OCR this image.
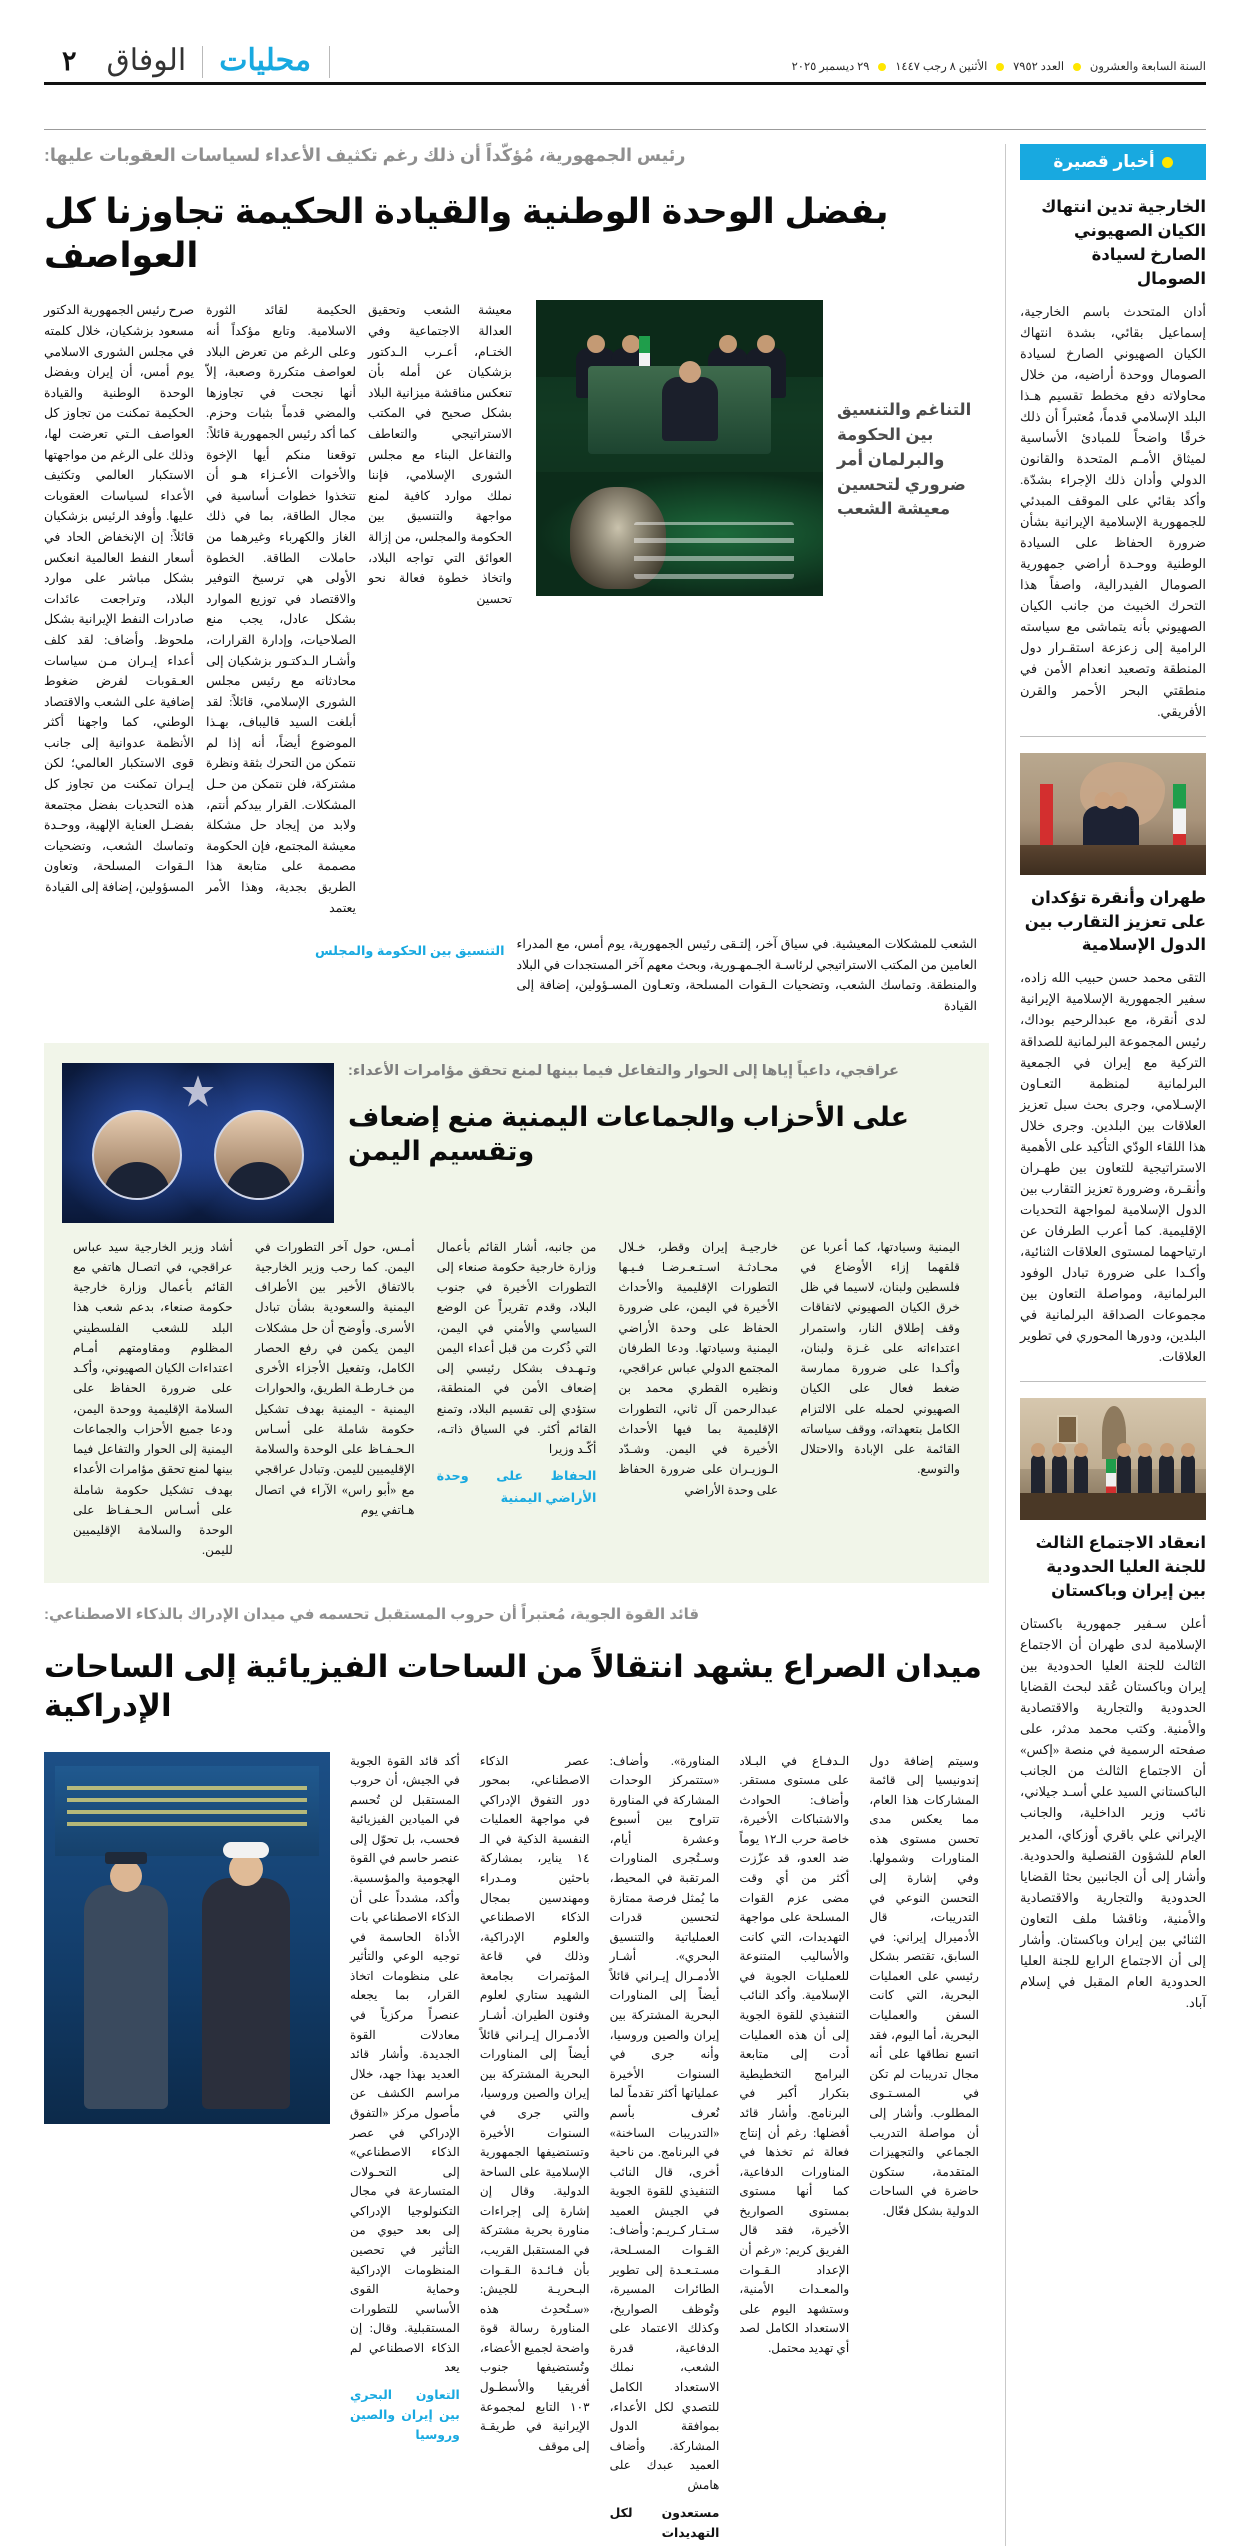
السنة السابعة والعشرون  العدد ٧٩٥٢  الأثنين ٨ رجب ١٤٤٧  ٢٩ ديسمبر ٢٠٢٥
محليات
الوفاق
٢
أخبار قصيرة
الخارجية تدين انتهاك الكيان الصهيوني الصارخ لسيادة الصومال
أدان المتحدث باسم الخارجية، إسماعيل بقائي، بشدة انتهاك الكيان الصهيوني الصارخ لسيادة الصومال ووحدة أراضيه، من خلال محاولاته دفع مخطط تقسيم هـذا البلد الإسلامي قدماً، مُعتبراً أن ذلك خرقًا واضحاً للمبادئ الأساسية لميثاق الأمـم المتحدة والقانون الدولي وأدان ذلك الإجراء بشدّة. وأكد بقائي على الموقف المبدئي للجمهورية الإسلامية الإيرانية بشأن ضرورة الحفاظ على السيادة الوطنية ووحـدة أراضي جمهورية الصومال الفيدرالية، واصفاً هذا التحرك الخبيث من جانب الكيان الصهيوني بأنه يتماشى مع سياسته الرامية إلى زعزعة استقـرار دول المنطقة وتصعيد انعدام الأمن في منطقتي البحر الأحمر والقرن الأفريقي.
طهران وأنقرة تؤكدان على تعزيز التقارب بين الدول الإسلامية
التقى محمد حسن حبيب الله زاده، سفير الجمهورية الإسلامية الإيرانية لدى أنقرة، مع عبدالرحيم بوداك، رئيس المجموعة البرلمانية للصداقة التركية مع إيران في الجمعية البرلمانية لمنظمة التعـاون الإسـلامي، وجرى بحث سبل تعزيز العلاقات بين البلدين. وجرى خلال هذا اللقاء الودّي التأكيد على الأهمية الاستراتيجية للتعاون بين طهـران وأنقـرة، وضرورة تعزيز التقارب بين الدول الإسلامية لمواجهة التحديات الإقليمية. كما أعرب الطرفان عن ارتياحهما لمستوى العلاقات الثنائية، وأكـدا على ضرورة تبادل الوفود البرلمانية، ومواصلة التعاون بين مجموعات الصداقة البرلمانية في البلدين، ودورها المحوري في تطوير العلاقات.
انعقاد الاجتماع الثالث للجنة العليا الحدودية بين إيران وباكستان
أعلن سـفير جمهورية باكستان الإسلامية لدى طهران أن الاجتماع الثالث للجنة العليا الحدودية بين إيران وباكستان عُقد لبحث القضايا الحدودية والتجارية والاقتصادية والأمنية. وكتب محمد مدثر، على صفحته الرسمية في منصة «إكس» أن الاجتماع الثالث من الجانب الباكستاني السيد علي أسـد جيلاني، نائب وزير الداخلية، والجانب الإيراني علي باقري أوزكاي، المدير العام للشؤون القنصلية والحدودية. وأشار إلى أن الجانبين بحثا القضايا الحدودية والتجارية والاقتصادية والأمنية، وناقشا ملف التعاون الثنائي بين إيران وباكستان. وأشار إلى أن الاجتماع الرابع للجنة العليا الحدودية العام المقبل في إسلام آباد.
رئيس الجمهورية، مُؤكّداً أن ذلك رغم تكثيف الأعداء لسياسات العقوبات عليها:
بفضل الوحدة الوطنية والقيادة الحكيمة تجاوزنا كل العواصف
التناغم والتنسيق بين الحكومة والبرلمان أمر ضروري لتحسين معيشة الشعب

معيشة الشعب وتحقيق العدالة الاجتماعية وفي الختـام، أعـرب الـدكتور بزشكيان عن أمله بأن تنعكس مناقشة ميزانية البلاد بشكل صحيح في المكتب الاستراتيجي والتعاطف والتفاعل البناء مع مجلس الشورى الإسلامي، فإننا نملك موارد كافية لمنع مواجهة والتنسيق بين الحكومة والمجلس، من إزالة العوائق التي تواجه البلاد، واتخاذ خطوة فعالة نحو تحسين

الحكيمة لقائد الثورة الاسلامية. وتابع مؤكداً أنه وعلى الرغم من تعرض البلاد لعواصف متكررة وصعبة، إلاّ أنها نجحت في تجاوزها والمضي قدماً بثبات وحزم. كما أكد رئيس الجمهورية قائلاً: توقعنا منكم أيها الإخوة والأخوات الأعـزاء هـو أن تتخذوا خطوات أساسية في مجال الطاقة، بما في ذلك الغاز والكهرباء وغيرهما من حاملات الطاقة. الخطوة الأولى هي ترسيخ التوفير والاقتصاد في توزيع الموارد بشكل عادل، يجب منع الصلاحيات، وإدارة القرارات، وأشـار الـدكتـور بزشكيان إلى محادثاته مع رئيس مجلس الشورى الإسلامي، قائلاً: لقد أبلغت السيد قاليباف، بهـذا الموضوع أيضاً، أنه إذا لم نتمكن من التحرك بثقة ونظرة مشتركة، فلن نتمكن من حـل المشكلات. القرار بيدكم أنتم، ولابد من إيجاد حل مشكلة معيشة المجتمع، فإن الحكومة مصممة على متابعة هذا الطريق بجدية، وهذا الأمر يعتمد

صرح رئيس الجمهورية الدكتور مسعود بزشكيان، خلال كلمته في مجلس الشورى الاسلامي يوم أمس، أن إيران وبفضل الوحدة الوطنية والقيادة الحكيمة تمكنت من تجاوز كل العواصف الـتي تعرضت لها، وذلك على الرغم من مواجهتها الاستكبار العالمي وتكثيف الأعداء لسياسات العقوبات عليها. وأوفد الرئيس بزشكيان قائلاً: إن الإنخفاض الحاد في أسعار النفط العالمية انعكس بشكل مباشر على موارد البلاد، وتراجعت عائدات صادرات النفط الإيرانية بشكل ملحوظ. وأضاف: لقد كلف أعداء إيـران مـن سياسات العـقوبات لفرض ضغوط إضافية على الشعب والاقتصاد الوطني، كما واجهنا أكثر الأنظمة عدوانية إلى جانب قوى الاستكبار العالمي؛ لكن إيـران تمكنت من تجاوز كل هذه التحديات بفضل مجتمعة بفضـل العناية الإلهية، ووحـدة وتماسك الشعب، وتضحيات الـقوات المسلحة، وتعاون المسؤولين، إضافة إلى القيادة

الشعب للمشكلات المعيشية. في سياق آخر، إلتـقى رئيس الجمهورية، يوم أمس، مع المدراء العامين من المكتب الاستراتيجي لرئاسـة الجـمهـورية، وبحث معهم آخر المستجدات في البلاد والمنطقة. وتماسك الشعب، وتضحيات الـقوات المسلحة، وتعـاون المسـؤولين، إضافة إلى القيادة

التنسيق بين الحكومة والمجلس
عراقجي، داعياً إياها إلى الحوار والتفاعل فيما بينها لمنع تحقق مؤامرات الأعداء:
على الأحزاب والجماعات اليمنية منع إضعاف وتقسيم اليمن

اليمنية وسيادتها، كما أعربا عن قلقهما إزاء الأوضاع في فلسطين ولبنان، لاسيما في ظل خرق الكيان الصهيوني لاتفاقات وقف إطلاق النار، واستمرار اعتداءاته على غـزة ولبنان، وأكـدا على ضرورة ممارسة ضغط فعال على الكيان الصهيوني لحمله على الالتزام الكامل بتعهداته، ووقف سياساته القائمة على الإبادة والاحتلال والتوسع.

خارجيـة إيران وقطر، خـلال محـادثـة اسـتـعـرضـا فـيـها التطورات الإقليمية والأحداث الأخيرة في اليمن، على ضرورة الحفاظ على وحدة الأراضي اليمنية وسيادتها. ودعا الطرفان المجتمع الدولي عباس عراقجي، ونظيره القطري محمد بن عبدالرحمن آل ثاني، التطورات الإقليمية بما فيها الأحداث الأخيرة في اليمن. وشـدّد الـوزيـران على ضرورة الحفاظ على وحدة الأراضي

من جانبه، أشار القائم بأعمال وزارة خارجية حكومة صنعاء إلى التطورات الأخيرة في جنوب البلاد، وقدم تقريراً عن الوضع السياسي والأمني في اليمن، التي ذُكرت من قبل أعداء اليمن وتـهـدف بشكل رئيسي إلى إضعاف الأمن في المنطقة، ستؤدي إلى تقسيم البلاد، وتمنع القائم أكثر. في السياق ذاتـه، أكّـد وزيرا

الحفاظ على وحدة الأراضي اليمنية

أمـس، حول آخر التطورات في اليمن. كما رحب وزير الخارجية بالاتفاق الأخير بين الأطراف اليمنية والسعودية بشأن تبادل الأسرى. وأوضح أن حل مشكلات اليمن يكمن في رفع الحصار الكامل، وتفعيل الأجزاء الأخرى من خـارطـة الطريق، والحوارات اليمنية - اليمنية بهدف تشكيل حكومة شاملة على أسـاس الـحـفـاظ على الوحدة والسلامة الإقليميين لليمن. وتبادل عراقجي مع «أبو راس» الآراء في اتصال هـاتفي يوم

أشاد وزير الخارجية سيد عباس عراقجي، في اتصـال هاتفي مع القائم بأعمال وزارة خارجية حكومة صنعاء، بدعم شعب هذا البلد للشعب الفلسطيني المظلوم ومقاومتهم أمـام اعتداءات الكيان الصهيوني، وأكـد على ضرورة الحفاظ على السلامة الإقليمية ووحدة اليمن، ودعا جميع الأحزاب والجماعات اليمنية إلى الحوار والتفاعل فيما بينها لمنع تحقق مؤامرات الأعداء بهدف تشكيل حكومة شاملة على أسـاس الـحـفـاظ على الوحدة والسلامة الإقليميين لليمن.

قائد القوة الجوية، مُعتبراً أن حروب المستقبل تحسمه في ميدان الإدراك بالذكاء الاصطناعي:
ميدان الصراع يشهد انتقالاً من الساحات الفيزيائية إلى الساحات الإدراكية

وسيتم إضافة دول إندونيسيا إلى قائمة المشاركات هذا العام، مما يعكس مدى تحسن مستوى هذه المناورات وشمولها. وفي إشارة إلى التحسن النوعي في التدريبات، قال الأدميرال إيراني: في السابق، تقتصر بشكل رئيسي على العمليات البحرية، التي كانت السفن والعمليات البحرية، أما اليوم، فقد اتسع نطاقها على أنه مجال تدريبات لم تكن في المسـتـوى المطلوب. وأشار إلى أن مواصلة التدريب الجماعي والتجهيزات المتقدمة، ستكون حاضرة في الساحات الدولية بشكل فعّال.

الـدفـاع في البـلاد على مستوى مستقر. وأضاف: الحوادث والاشتباكات الأخيرة، خاصة حرب الـ١٢ يوماً ضد العدو، قد عزّزت أكثر من أي وقت مضى عزم القوات المسلحة على مواجهة التهديدات، التي كانت والأساليب المتنوعة للعمليات الجوية في الإسلامية. وأكد النائب التنفيذي للقوة الجوية إلى أن هذه العمليات أدت إلى متابعة البرامج التخطيطية بتكرار أكبر في البرنامج. وأشار قائد أفضلها: رغم أن إنتاج فعالة ثم تخذها في المناورات الدفاعية، كما أنها مستوى بمستوى الصواريخ الأخيرة، فقد قال الفريق كريم: «رغم أن الإعداد الـقـوات والمعـدات الأمنية، وستشهد اليوم على الاستعداد الكامل لصد أي تهديد محتمل.

المناورة». وأضاف: «ستتمركز الوحدات المشاركة في المناورة تتراوح بين أسبوع وعشرة أيام، وسـتُجرى المناورات المرتقبة في المحيط، ما يُمثل فرصة ممتازة لتحسين قدرات العملياتية والتنسيق البحري». أشـار الأدمـرال إيـراني قائلاً أيضاً إلى المناورات البحرية المشتركة بين إيران والصين وروسيا، وأنه جرى في السنوات الأخيرة عملياتها أكثر تقدماً لما نُعرف بأسم «التدريبات الساخنة» في البرنامج. من ناحية أخرى، قال النائب التنفيذي للقوة الجوية في الجيش العميد سـتـار كـريـم: وأضاف: القـوات المسـلحة، مسـتـعـدة إلى تطوير الطائرات المسيرة، وتُوظف الصواريخ، وكذلك الاعتماد على الدفاعية، قدرة الشعب، نملك الاستعداد الكامل للتصدي لكل الأعداء، بموافقة الدول المشاركة. وأضاف العميد عبدك على هامش

مستعدون لكل التهديدات

عصر الذكاء الاصطناعي، بمحور دور التفوق الإدراكي في مواجهة العمليات النفسية الذكية في الـ ١٤ يناير، بمشاركة باحثين ومـدراء ومهندسين بمجال الذكاء الاصطناعي والعلوم الإدراكية، وذلك في قاعة المؤتمرات بجامعة الشهيد ستاري لعلوم وفنون الطيران. أشـار الأدمـرال إيـراني قائلاً أيضاً إلى المناورات البحرية المشتركة بين إيران والصين وروسيا، والتي جرى في السنوات الأخيرة وتستضيفها الجمهورية الإسلامية على الساحة الدولية. وقال إن إشارة إلى إجراءات مناورة بحرية مشتركة في المستقبل القريب، بأن فـائـدة الـقـوات البـحريـة للجيش: «سـتُحدِث هذه المناورة رسالة قوة واضحة لجميع الأعضاء، وتُستضيفها جنوب أفريقيا والأسطـول ١٠٣ التابع لمجموعة الإيرانية في طريقـة إلى موقف

أكد قائد القوة الجوية في الجيش، أن حروب المستقبل لن تُحسم في الميادين الفيزيائية فحسب، بل تحوّل إلى عنصر حاسم في القوة الهجومية والمؤسسية. وأكد، مشدداً على أن الذكاء الاصطناعي بات الأداة الحاسمة في توجيه الوعي والتأثير على منظومات اتخاذ القرار، بما يجعله عنصراً مركزياً في معادلات القوة الجديدة. وأشار قائد العديد بهذا جهد، خلال مراسم الكشف عن مأصول مركز «التفوق الإدراكي في عصر الذكاء الاصطناعي» إلى التحـولات المتسارعة في مجال التكنولوجيا الإدراكي إلى بعد حيوي من التأثير في تحصين المنظومات الإدراكية وحماية القوى الأساسي للتطورات المستقبلية. وقال: إن الذكاء الاصطناعي لم يعد

التعاون البحري بين إيران والصين وروسيا
